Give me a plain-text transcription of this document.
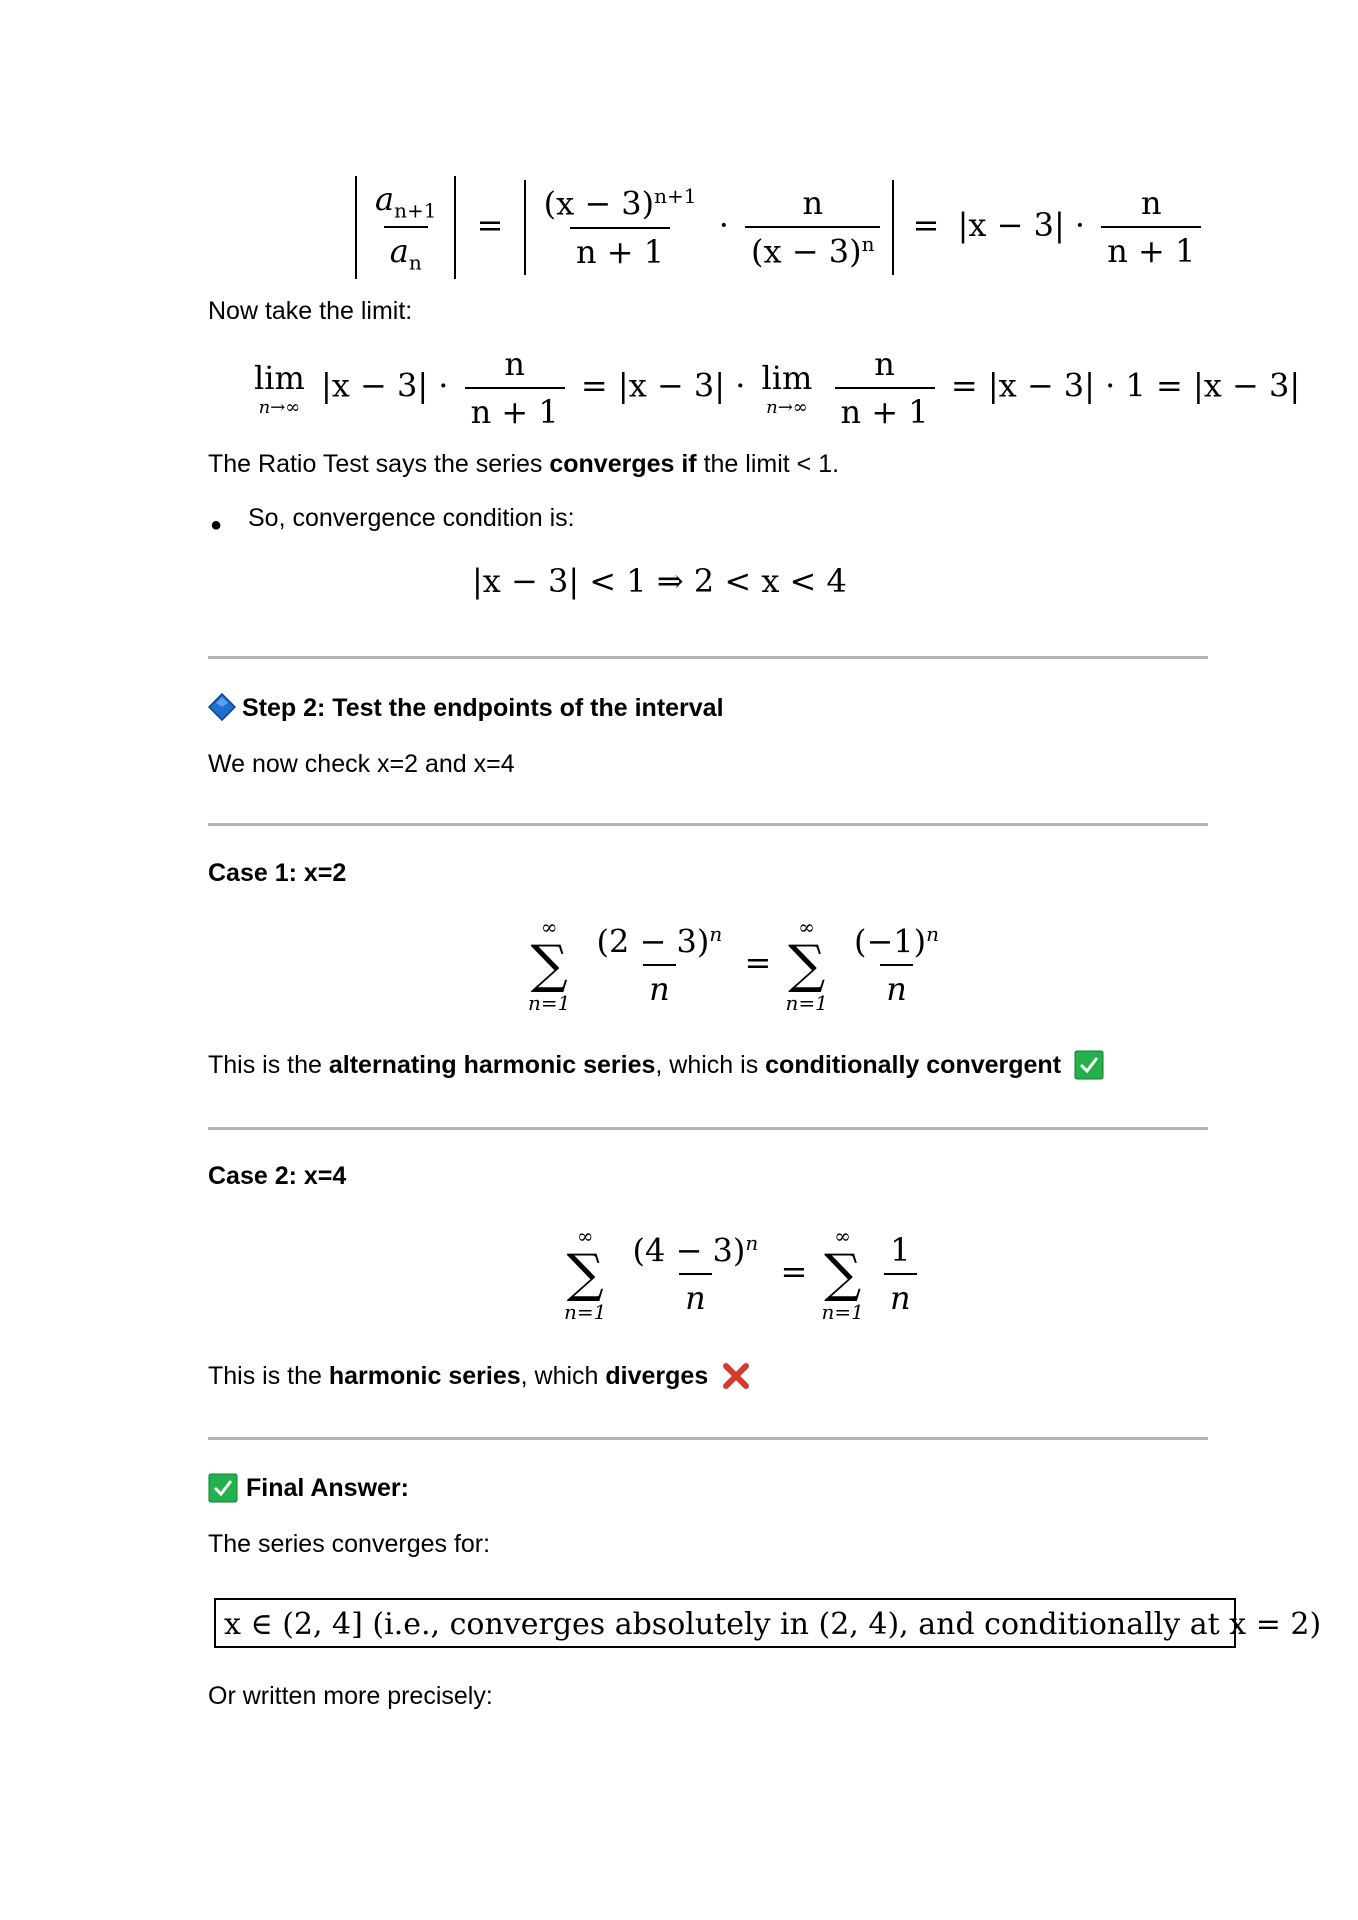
$\frac{a_{n+1}}{a_n} = \frac{(x - 3)^{n+1}}{n + 1} \cdot \frac{n}{(x - 3)^n} = |x - 3| \cdot \frac{n}{n + 1}$
Now take the limit:
lim
n→∞
$|x - 3| \cdot \frac{n}{n + 1} = |x - 3| \cdot \lim$
n→∞
$\frac{n}{n + 1} = |x - 3| \cdot 1 = |x - 3|$
The Ratio Test says the series converges if the limit < 1.
● So, convergence condition is:
|x − 3| < 1 ⇒ 2 < x < 4
Step 2: Test the endpoints of the interval
We now check x=2 and x=4
Case 1: x=2
∞
∑
n=1
$\frac{(2 - 3)^n}{n}$ =
∞
∑
n=1
$\frac{(-1)^n}{n}$
This is the alternating harmonic series, which is conditionally convergent
Case 2: x=4
∞
∑
n=1
$\frac{(4 - 3)^n}{n}$ =
∞
∑
n=1
$\frac{1}{n}$
This is the harmonic series, which diverges
Final Answer:
The series converges for:
x ∈ (2, 4] (i.e., converges absolutely in (2, 4), and conditionally at x = 2)
Or written more precisely:
